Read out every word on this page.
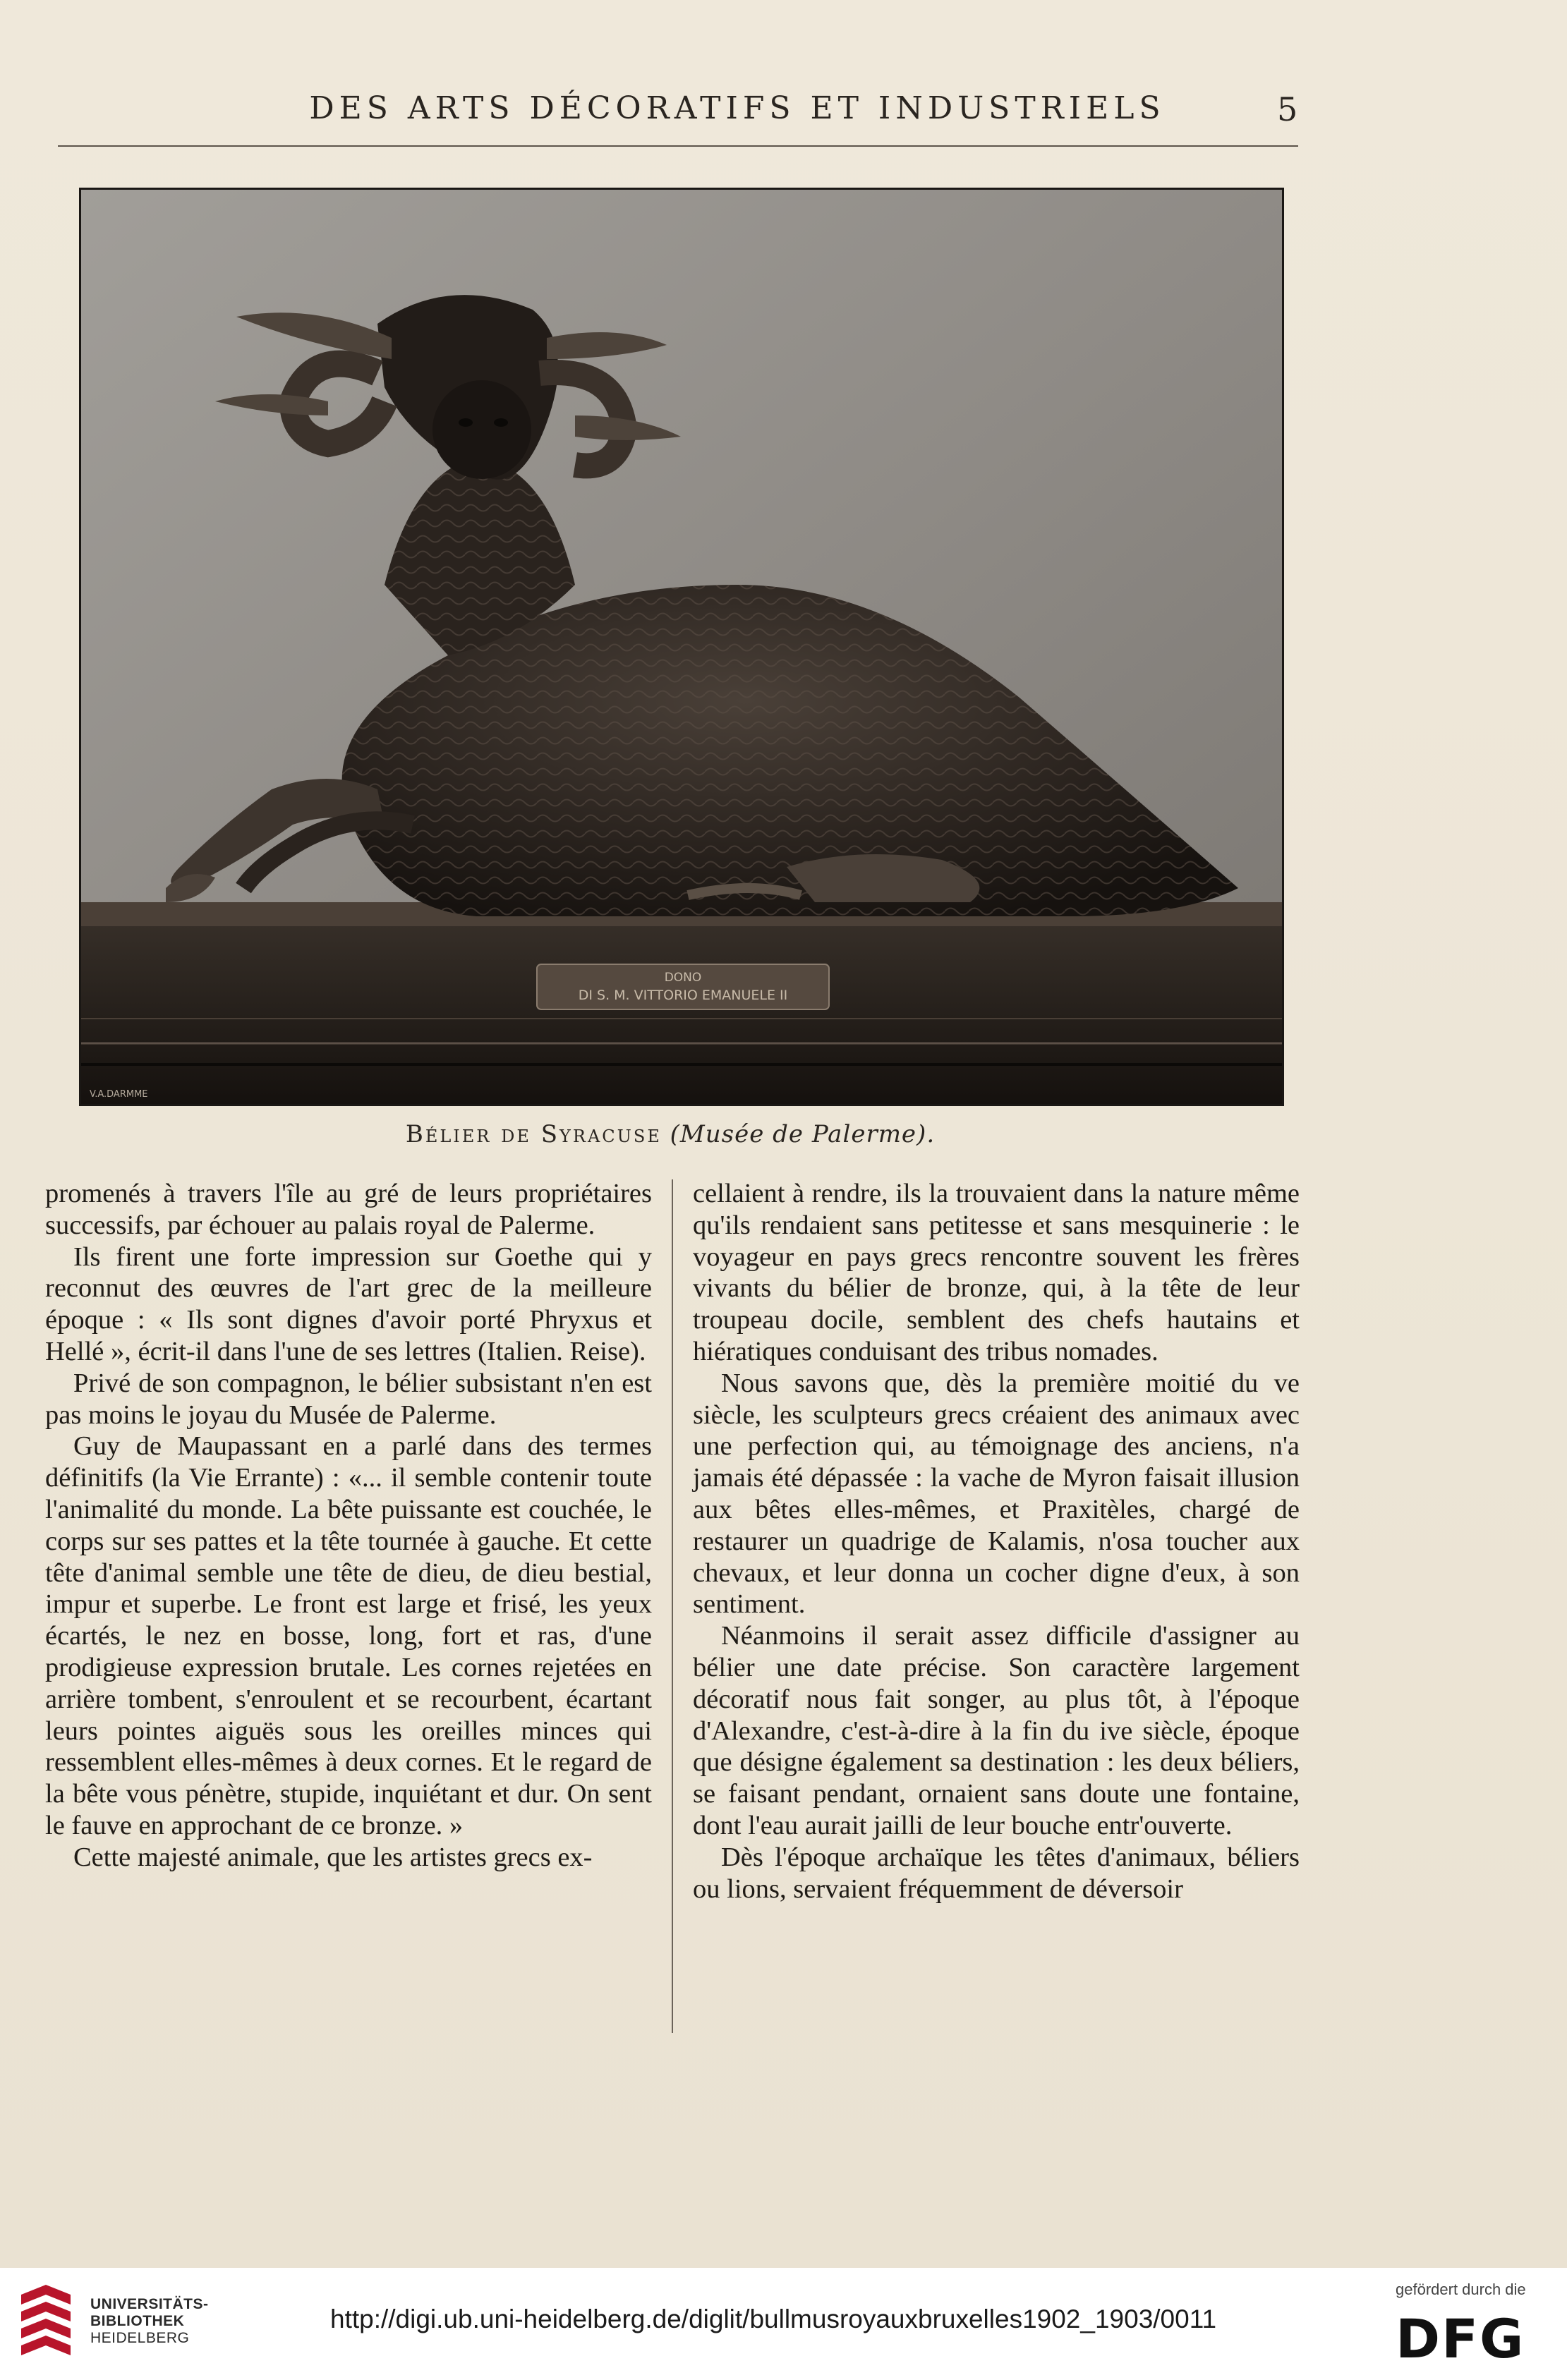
DES ARTS DÉCORATIFS ET INDUSTRIELS	5
DONO
DI S. M. VITTORIO EMANUELE II
V.A.DARMME
Bélier de Syracuse (Musée de Palerme).

promenés à travers l'île au gré de leurs propriétaires successifs, par échouer au palais royal de Palerme.

Ils firent une forte impression sur Goethe qui y reconnut des œuvres de l'art grec de la meilleure époque : « Ils sont dignes d'avoir porté Phryxus et Hellé », écrit-il dans l'une de ses lettres (Italien. Reise).

Privé de son compagnon, le bélier subsistant n'en est pas moins le joyau du Musée de Palerme.

Guy de Maupassant en a parlé dans des termes définitifs (la Vie Errante) : «... il semble contenir toute l'animalité du monde. La bête puissante est couchée, le corps sur ses pattes et la tête tournée à gauche. Et cette tête d'animal semble une tête de dieu, de dieu bestial, impur et superbe. Le front est large et frisé, les yeux écartés, le nez en bosse, long, fort et ras, d'une prodigieuse expression brutale. Les cornes rejetées en arrière tombent, s'enroulent et se recourbent, écartant leurs pointes aiguës sous les oreilles minces qui ressemblent elles-mêmes à deux cornes. Et le regard de la bête vous pénètre, stupide, inquiétant et dur. On sent le fauve en approchant de ce bronze. »

Cette majesté animale, que les artistes grecs ex-

cellaient à rendre, ils la trouvaient dans la nature même qu'ils rendaient sans petitesse et sans mesquinerie : le voyageur en pays grecs rencontre souvent les frères vivants du bélier de bronze, qui, à la tête de leur troupeau docile, semblent des chefs hautains et hiératiques conduisant des tribus nomades.

Nous savons que, dès la première moitié du ve siècle, les sculpteurs grecs créaient des animaux avec une perfection qui, au témoignage des anciens, n'a jamais été dépassée : la vache de Myron faisait illusion aux bêtes elles-mêmes, et Praxitèles, chargé de restaurer un quadrige de Kalamis, n'osa toucher aux chevaux, et leur donna un cocher digne d'eux, à son sentiment.

Néanmoins il serait assez difficile d'assigner au bélier une date précise. Son caractère largement décoratif nous fait songer, au plus tôt, à l'époque d'Alexandre, c'est-à-dire à la fin du ive siècle, époque que désigne également sa destination : les deux béliers, se faisant pendant, ornaient sans doute une fontaine, dont l'eau aurait jailli de leur bouche entr'ouverte.

Dès l'époque archaïque les têtes d'animaux, béliers ou lions, servaient fréquemment de déversoir

UNIVERSITÄTS-
BIBLIOTHEK
HEIDELBERG
http://digi.ub.uni-heidelberg.de/diglit/bullmusroyauxbruxelles1902_1903/0011
gefördert durch die
DFG
